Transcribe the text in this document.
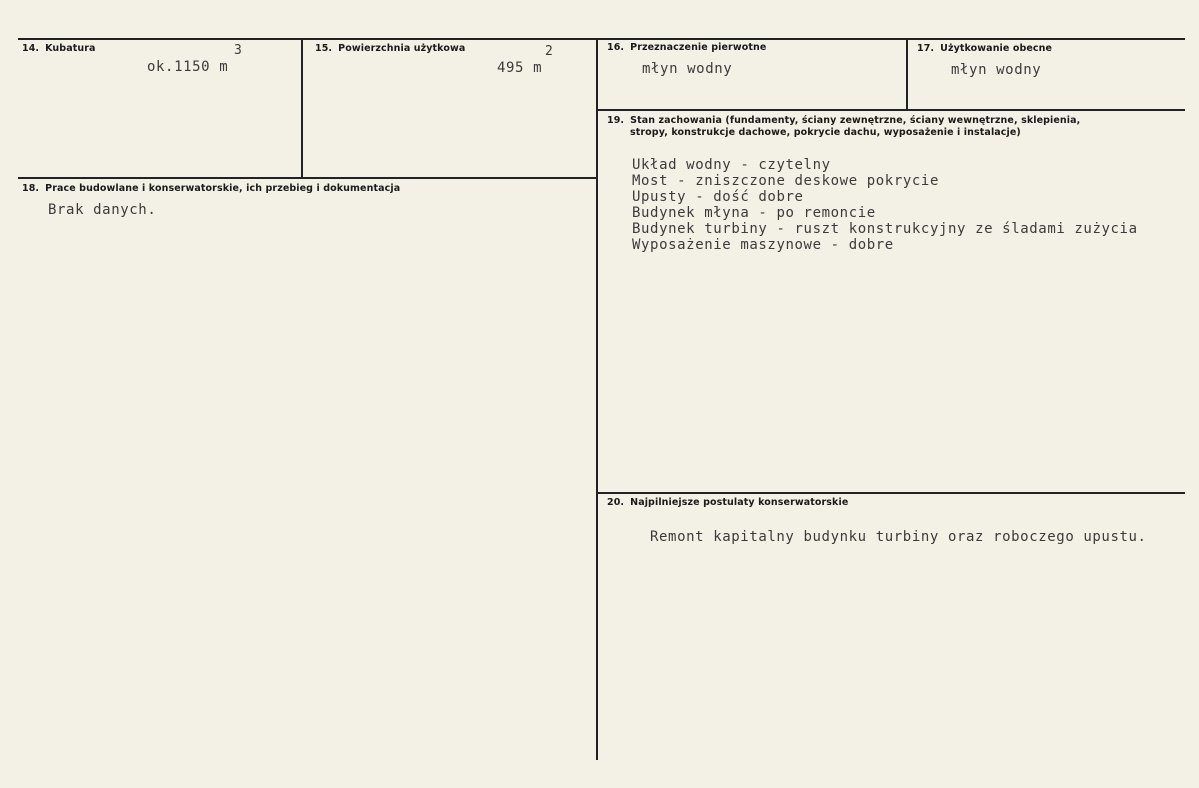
14. Kubatura	3
ok.1150 m
15. Powierzchnia użytkowa	2
495 m
16. Przeznaczenie pierwotne
młyn wodny
17. Użytkowanie obecne
młyn wodny
18. Prace budowlane i konserwatorskie, ich przebieg i dokumentacja
Brak danych.
19. Stan zachowania (fundamenty, ściany zewnętrzne, ściany wewnętrzne, sklepienia,
stropy, konstrukcje dachowe, pokrycie dachu, wyposażenie i instalacje)
Układ wodny - czytelny
Most - zniszczone deskowe pokrycie
Upusty - dość dobre
Budynek młyna - po remoncie
Budynek turbiny - ruszt konstrukcyjny ze śladami zużycia
Wyposażenie maszynowe - dobre
20. Najpilniejsze postulaty konserwatorskie
Remont kapitalny budynku turbiny oraz roboczego upustu.
